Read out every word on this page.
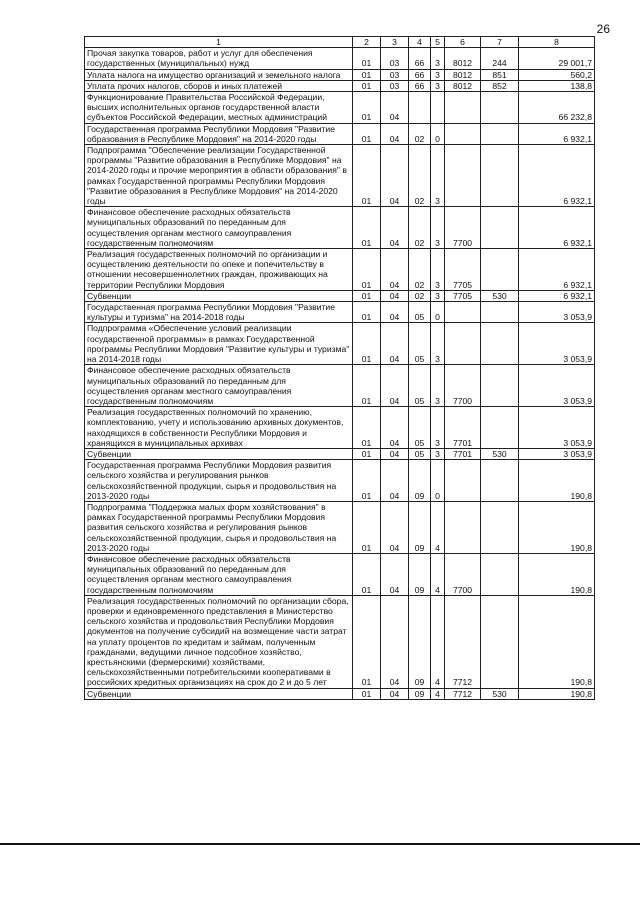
26
1	2	3	4	5	6	7	8
Прочая закупка товаров, работ и услуг для обеспечения государственных (муниципальных) нужд	01	03	66	3	8012	244	29 001,7
Уплата налога на имущество организаций и земельного налога	01	03	66	3	8012	851	560,2
Уплата прочих налогов, сборов и иных платежей	01	03	66	3	8012	852	138,8
Функционирование Правительства Российской Федерации, высших исполнительных органов государственной власти субъектов Российской Федерации, местных администраций	01	04					66 232,8
Государственная программа Республики Мордовия "Развитие образования в Республике Мордовия" на 2014-2020 годы	01	04	02	0			6 932,1
Подпрограмма "Обеспечение реализации Государственной программы "Развитие образования в Республике Мордовия" на 2014-2020 годы и прочие мероприятия в области образования" в рамках Государственной программы Республики Мордовия "Развитие образования в Республике Мордовия" на 2014-2020 годы	01	04	02	3			6 932,1
Финансовое обеспечение расходных обязательств муниципальных образований по переданным для осуществления органам местного самоуправления государственным полномочиям	01	04	02	3	7700		6 932,1
Реализация государственных полномочий по организации и осуществлению деятельности по опеке и попечительству в отношении несовершеннолетних граждан, проживающих на территории Республики Мордовия	01	04	02	3	7705		6 932,1
Субвенции	01	04	02	3	7705	530	6 932,1
Государственная программа Республики Мордовия "Развитие культуры и туризма" на 2014-2018 годы	01	04	05	0			3 053,9
Подпрограмма «Обеспечение условий реализации государственной программы» в рамках Государственной программы Республики Мордовия "Развитие культуры и туризма" на 2014-2018 годы	01	04	05	3			3 053,9
Финансовое обеспечение расходных обязательств муниципальных образований по переданным для осуществления органам местного самоуправления государственным полномочиям	01	04	05	3	7700		3 053,9
Реализация государственных полномочий по хранению, комплектованию, учету и использованию архивных документов, находящихся в собственности Республики Мордовия и хранящихся в муниципальных архивах	01	04	05	3	7701		3 053,9
Субвенции	01	04	05	3	7701	530	3 053,9
Государственная программа Республики Мордовия развития сельского хозяйства и регулирования рынков сельскохозяйственной продукции, сырья и продовольствия на 2013-2020 годы	01	04	09	0			190,8
Подпрограмма "Поддержка малых форм хозяйствования" в рамках Государственной программы Республики Мордовия развития сельского хозяйства и регулирования рынков сельскохозяйственной продукции, сырья и продовольствия на 2013-2020 годы	01	04	09	4			190,8
Финансовое обеспечение расходных обязательств муниципальных образований по переданным для осуществления органам местного самоуправления государственным полномочиям	01	04	09	4	7700		190,8
Реализация государственных полномочий по организации сбора, проверки и единовременного представления в Министерство сельского хозяйства и продовольствия Республики Мордовия документов на получение субсидий на возмещение части затрат на уплату процентов по кредитам и займам, полученным гражданами, ведущими личное подсобное хозяйство, крестьянскими (фермерскими) хозяйствами, сельскохозяйственными потребительскими кооперативами в российских кредитных организациях на срок до 2 и до 5 лет	01	04	09	4	7712		190,8
Субвенции	01	04	09	4	7712	530	190,8
